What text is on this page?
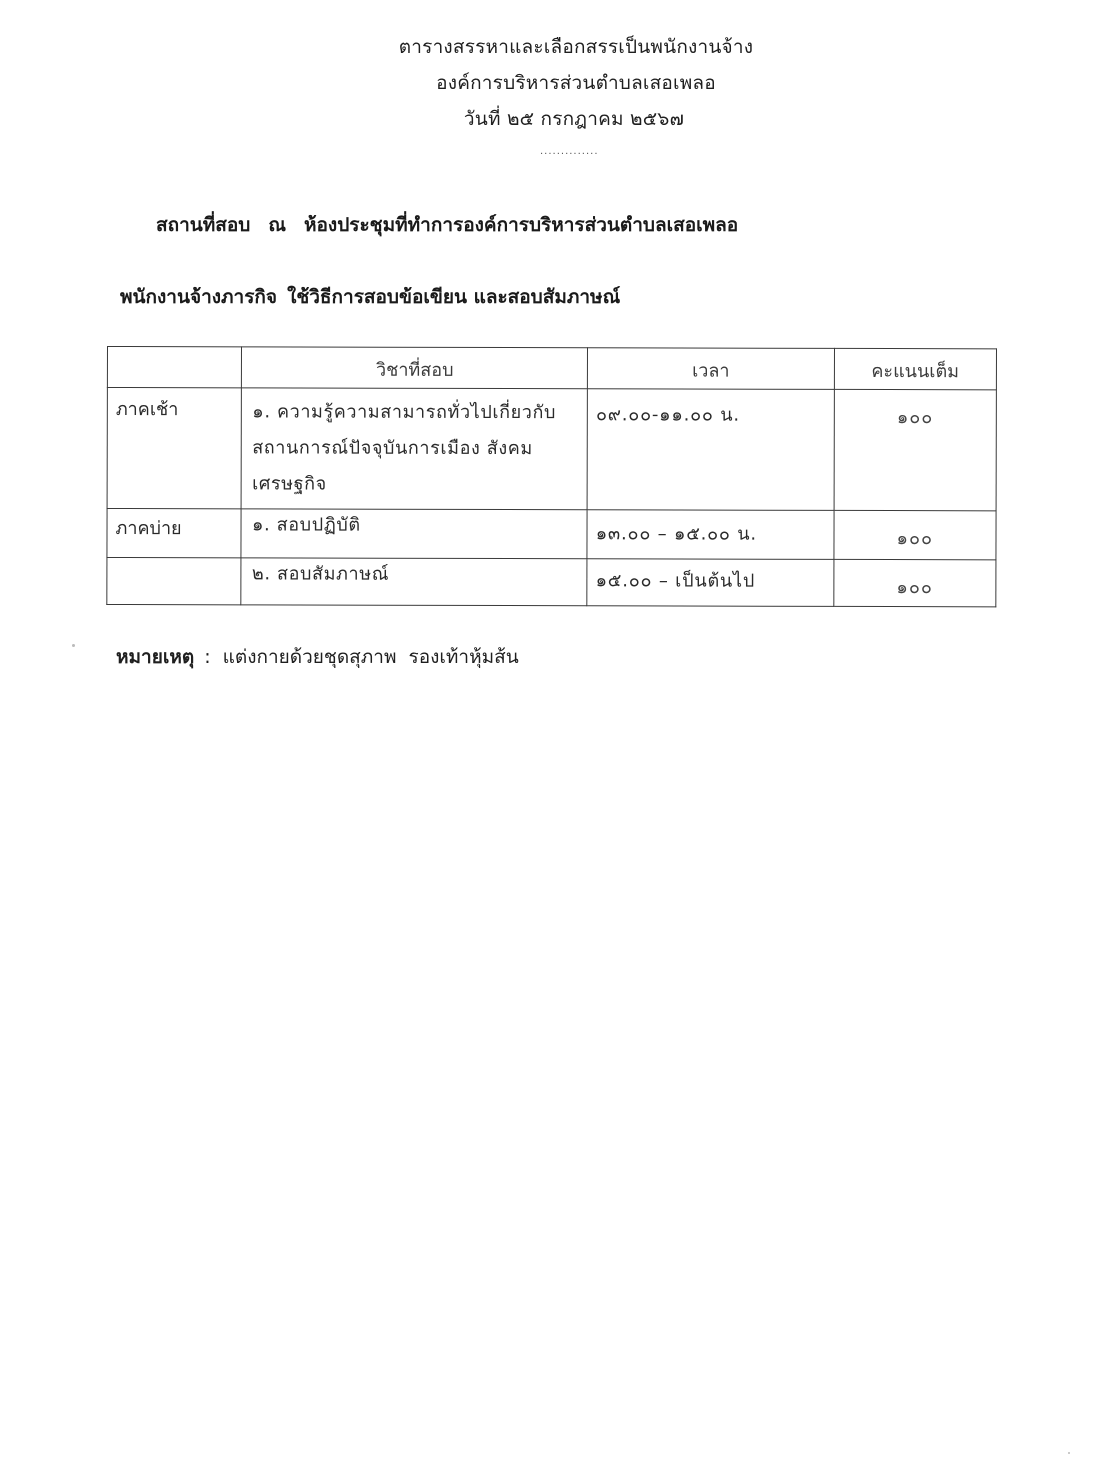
ตารางสรรหาและเลือกสรรเป็นพนักงานจ้าง
องค์การบริหารส่วนตำบลเสอเพลอ
วันที่ ๒๕ กรกฎาคม ๒๕๖๗
..............
สถานที่สอบ ณ ห้องประชุมที่ทำการองค์การบริหารส่วนตำบลเสอเพลอ
พนักงานจ้างภารกิจ ใช้วิธีการสอบข้อเขียน และสอบสัมภาษณ์
	วิชาที่สอบ	เวลา	คะแนนเต็ม
ภาคเช้า	๑. ความรู้ความสามารถทั่วไปเกี่ยวกับสถานการณ์ปัจจุบันการเมือง สังคม เศรษฐกิจ	๐๙.๐๐-๑๑.๐๐ น.	๑๐๐
ภาคบ่าย	๑. สอบปฏิบัติ	๑๓.๐๐ – ๑๕.๐๐ น.	๑๐๐
	๒. สอบสัมภาษณ์	๑๕.๐๐ – เป็นต้นไป	๑๐๐
หมายเหตุ : แต่งกายด้วยชุดสุภาพ รองเท้าหุ้มส้น
